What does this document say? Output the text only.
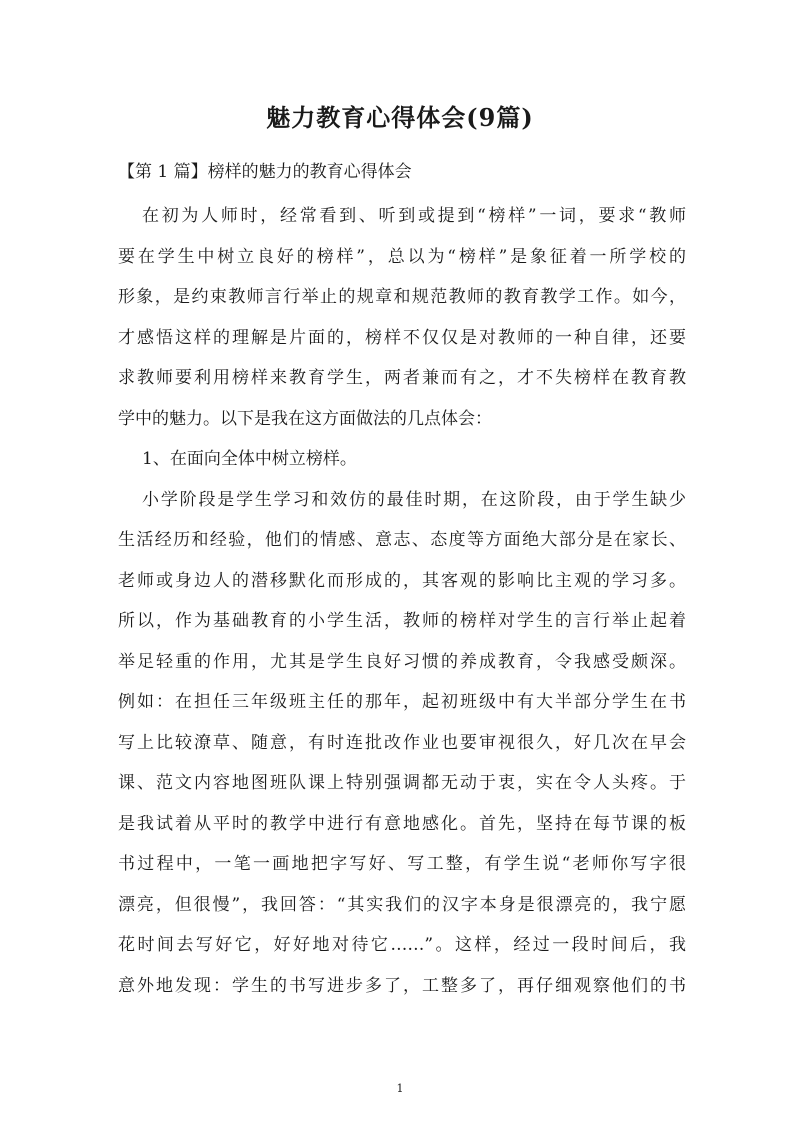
魅力教育心得体会(9篇)
【第 1 篇】榜样的魅力的教育心得体会
在初为人师时，经常看到、听到或提到“榜样”一词，要求“教师
要在学生中树立良好的榜样”，总以为“榜样”是象征着一所学校的
形象，是约束教师言行举止的规章和规范教师的教育教学工作。如今，
才感悟这样的理解是片面的，榜样不仅仅是对教师的一种自律，还要
求教师要利用榜样来教育学生，两者兼而有之，才不失榜样在教育教
学中的魅力。以下是我在这方面做法的几点体会：
1、在面向全体中树立榜样。
小学阶段是学生学习和效仿的最佳时期，在这阶段，由于学生缺少
生活经历和经验，他们的情感、意志、态度等方面绝大部分是在家长、
老师或身边人的潜移默化而形成的，其客观的影响比主观的学习多。
所以，作为基础教育的小学生活，教师的榜样对学生的言行举止起着
举足轻重的作用，尤其是学生良好习惯的养成教育，令我感受颇深。
例如：在担任三年级班主任的那年，起初班级中有大半部分学生在书
写上比较潦草、随意，有时连批改作业也要审视很久，好几次在早会
课、范文内容地图班队课上特别强调都无动于衷，实在令人头疼。于
是我试着从平时的教学中进行有意地感化。首先，坚持在每节课的板
书过程中，一笔一画地把字写好、写工整，有学生说“老师你写字很
漂亮，但很慢”，我回答：“其实我们的汉字本身是很漂亮的，我宁愿
花时间去写好它，好好地对待它……”。这样，经过一段时间后，我
意外地发现：学生的书写进步多了，工整多了，再仔细观察他们的书
1
